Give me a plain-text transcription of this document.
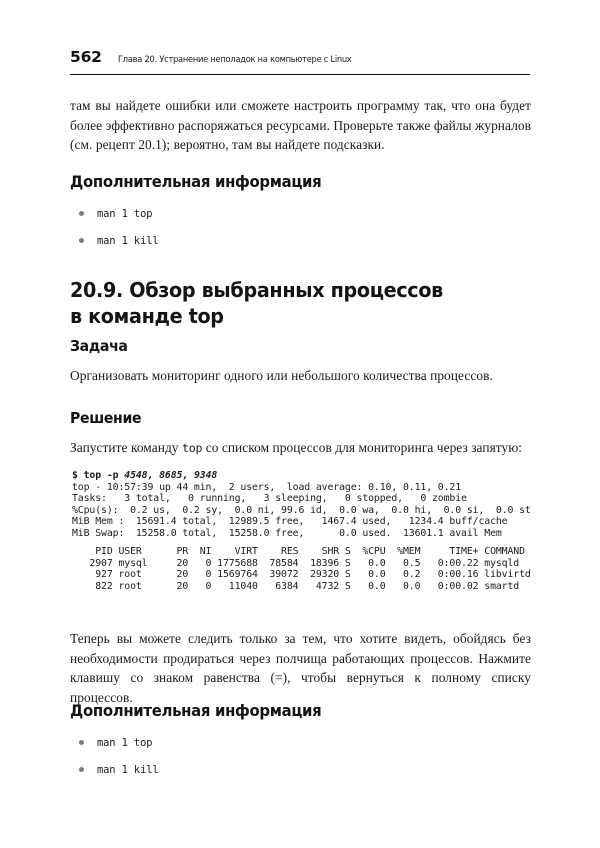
562	Глава 20. Устранение неполадок на компьютере с Linux
там вы найдете ошибки или сможете настроить программу так, что она будет более эффективно распоряжаться ресурсами. Проверьте также файлы журналов (см. рецепт 20.1); вероятно, там вы найдете подсказки.
Дополнительная информация
man 1 top
man 1 kill
20.9. Обзор выбранных процессов
в команде top
Задача
Организовать мониторинг одного или небольшого количества процессов.
Решение
Запустите команду top со списком процессов для мониторинга через запятую:
$ top -p 4548, 8685, 9348
top - 10:57:39 up 44 min,  2 users,  load average: 0.10, 0.11, 0.21
Tasks:   3 total,   0 running,   3 sleeping,   0 stopped,   0 zombie
%Cpu(s):  0.2 us,  0.2 sy,  0.0 ni, 99.6 id,  0.0 wa,  0.0 hi,  0.0 si,  0.0 st
MiB Mem :  15691.4 total,  12989.5 free,   1467.4 used,   1234.4 buff/cache
MiB Swap:  15258.0 total,  15258.0 free,      0.0 used.  13601.1 avail Mem

PID USER      PR  NI    VIRT    RES    SHR S  %CPU  %MEM     TIME+ COMMAND
2907 mysql     20   0 1775688  78584  18396 S   0.0   0.5   0:00.22 mysqld
927 root      20   0 1569764  39072  29320 S   0.0   0.2   0:00.16 libvirtd
822 root      20   0   11040   6384   4732 S   0.0   0.0   0:00.02 smartd
Теперь вы можете следить только за тем, что хотите видеть, обойдясь без необходимости продираться через полчища работающих процессов. Нажмите клавишу со знаком равенства (=), чтобы вернуться к полному списку процессов.
Дополнительная информация
man 1 top
man 1 kill
